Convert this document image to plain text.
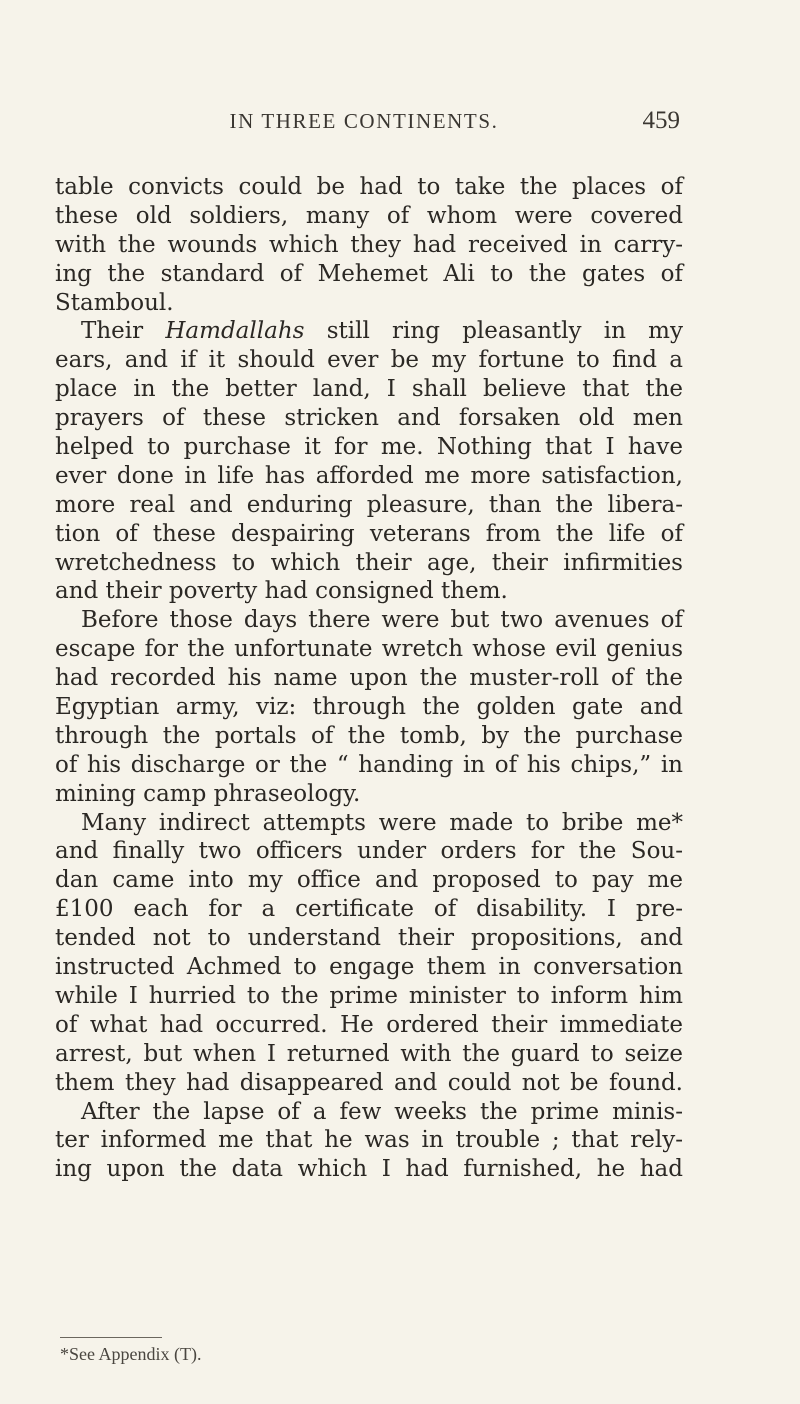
IN THREE CONTINENTS.	459
table convicts could be had to take the places of
these old soldiers, many of whom were covered
with the wounds which they had received in carry-
ing the standard of Mehemet Ali to the gates of
Stamboul.
Their Hamdallahs still ring pleasantly in my
ears, and if it should ever be my fortune to find a
place in the better land, I shall believe that the
prayers of these stricken and forsaken old men
helped to purchase it for me. Nothing that I have
ever done in life has afforded me more satisfaction,
more real and enduring pleasure, than the libera-
tion of these despairing veterans from the life of
wretchedness to which their age, their infirmities
and their poverty had consigned them.
Before those days there were but two avenues of
escape for the unfortunate wretch whose evil genius
had recorded his name upon the muster-roll of the
Egyptian army, viz: through the golden gate and
through the portals of the tomb, by the purchase
of his discharge or the “ handing in of his chips,” in
mining camp phraseology.
Many indirect attempts were made to bribe me*
and finally two officers under orders for the Sou-
dan came into my office and proposed to pay me
£100 each for a certificate of disability. I pre-
tended not to understand their propositions, and
instructed Achmed to engage them in conversation
while I hurried to the prime minister to inform him
of what had occurred. He ordered their immediate
arrest, but when I returned with the guard to seize
them they had disappeared and could not be found.
After the lapse of a few weeks the prime minis-
ter informed me that he was in trouble ; that rely-
ing upon the data which I had furnished, he had
*See Appendix (T).
